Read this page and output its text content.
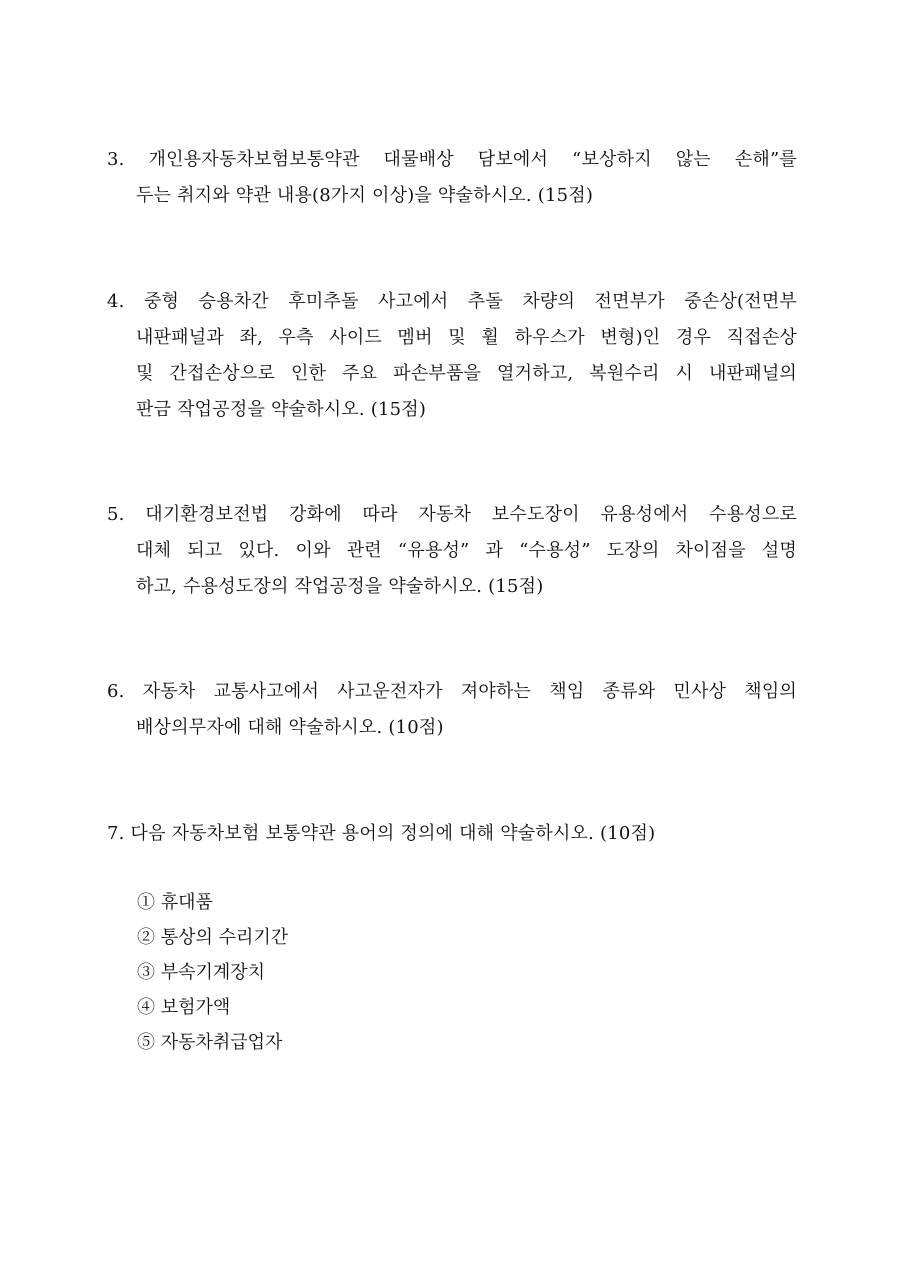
3. 개인용자동차보험보통약관 대물배상 담보에서 “보상하지 않는 손해”를
두는 취지와 약관 내용(8가지 이상)을 약술하시오. (15점)
4. 중형 승용차간 후미추돌 사고에서 추돌 차량의 전면부가 중손상(전면부
내판패널과 좌, 우측 사이드 멤버 및 휠 하우스가 변형)인 경우 직접손상
및 간접손상으로 인한 주요 파손부품을 열거하고, 복원수리 시 내판패널의
판금 작업공정을 약술하시오. (15점)
5. 대기환경보전법 강화에 따라 자동차 보수도장이 유용성에서 수용성으로
대체 되고 있다. 이와 관련 “유용성” 과 “수용성” 도장의 차이점을 설명
하고, 수용성도장의 작업공정을 약술하시오. (15점)
6. 자동차 교통사고에서 사고운전자가 져야하는 책임 종류와 민사상 책임의
배상의무자에 대해 약술하시오. (10점)
7. 다음 자동차보험 보통약관 용어의 정의에 대해 약술하시오. (10점)
① 휴대품
② 통상의 수리기간
③ 부속기계장치
④ 보험가액
⑤ 자동차취급업자
